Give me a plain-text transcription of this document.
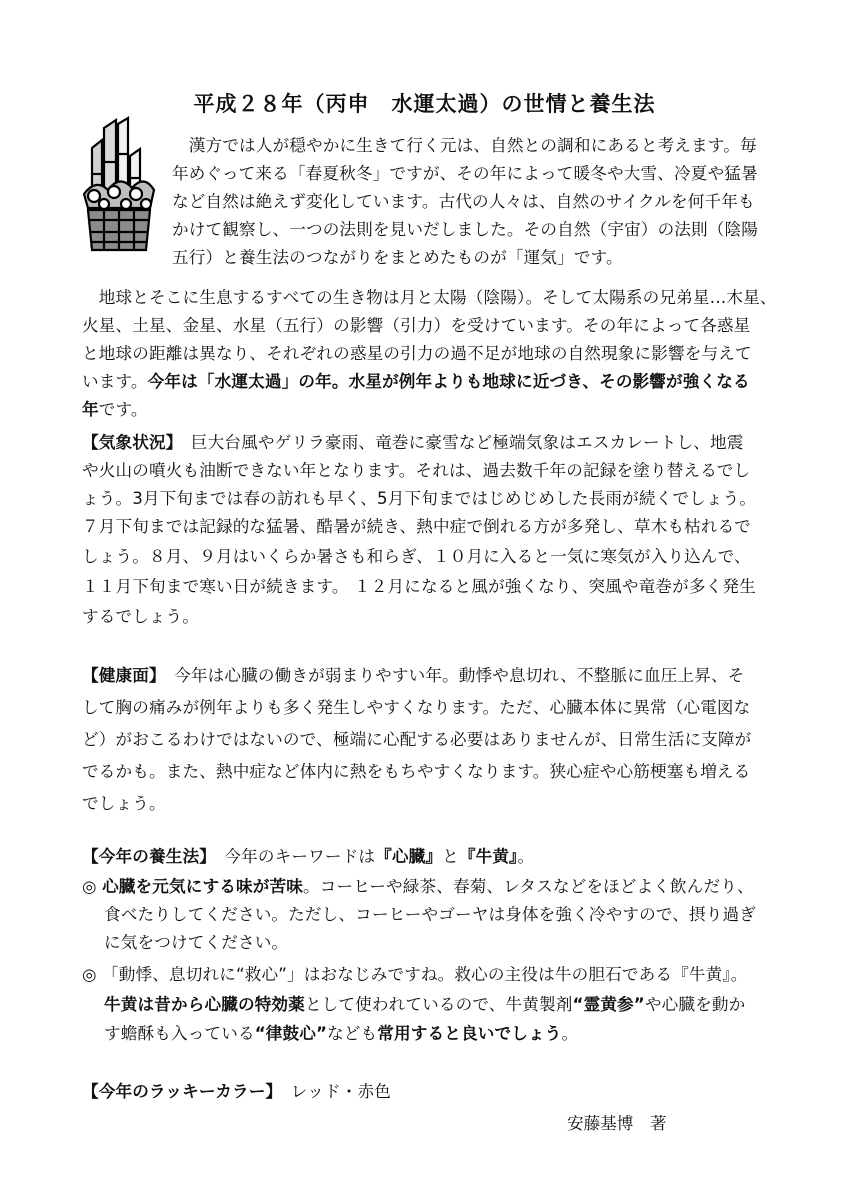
平成２８年（丙申　水運太過）の世情と養生法
　漢方では人が穏やかに生きて行く元は、自然との調和にあると考えます。毎
年めぐって来る「春夏秋冬」ですが、その年によって暖冬や大雪、冷夏や猛暑
など自然は絶えず変化しています。古代の人々は、自然のサイクルを何千年も
かけて観察し、一つの法則を見いだしました。その自然（宇宙）の法則（陰陽
五行）と養生法のつながりをまとめたものが「運気」です。
　地球とそこに生息するすべての生き物は月と太陽（陰陽）。そして太陽系の兄弟星…木星、
火星、土星、金星、水星（五行）の影響（引力）を受けています。その年によって各惑星
と地球の距離は異なり、それぞれの惑星の引力の過不足が地球の自然現象に影響を与えて
います。今年は「水運太過」の年。水星が例年よりも地球に近づき、その影響が強くなる
年です。
【気象状況】　巨大台風やゲリラ豪雨、竜巻に豪雪など極端気象はエスカレートし、地震
や火山の噴火も油断できない年となります。それは、過去数千年の記録を塗り替えるでし
ょう。3月下旬までは春の訪れも早く、5月下旬まではじめじめした長雨が続くでしょう。
７月下旬までは記録的な猛暑、酷暑が続き、熱中症で倒れる方が多発し、草木も枯れるで
しょう。８月、９月はいくらか暑さも和らぎ、１０月に入ると一気に寒気が入り込んで、
１１月下旬まで寒い日が続きます。 １２月になると風が強くなり、突風や竜巻が多く発生
するでしょう。
【健康面】　今年は心臓の働きが弱まりやすい年。動悸や息切れ、不整脈に血圧上昇、そ
して胸の痛みが例年よりも多く発生しやすくなります。ただ、心臓本体に異常（心電図な
ど）がおこるわけではないので、極端に心配する必要はありませんが、日常生活に支障が
でるかも。また、熱中症など体内に熱をもちやすくなります。狭心症や心筋梗塞も増える
でしょう。
【今年の養生法】　今年のキーワードは『心臓』と『牛黄』。
◎ 心臓を元気にする味が苦味。コーヒーや緑茶、春菊、レタスなどをほどよく飲んだり、
食べたりしてください。ただし、コーヒーやゴーヤは身体を強く冷やすので、摂り過ぎ
に気をつけてください。
◎ 「動悸、息切れに“救心”」はおなじみですね。救心の主役は牛の胆石である『牛黄』。
牛黄は昔から心臓の特効薬として使われているので、牛黄製剤“霊黄参”や心臓を動か
す蟾酥も入っている“律鼓心”なども常用すると良いでしょう。
【今年のラッキーカラー】　レッド・赤色
安藤基博　著
